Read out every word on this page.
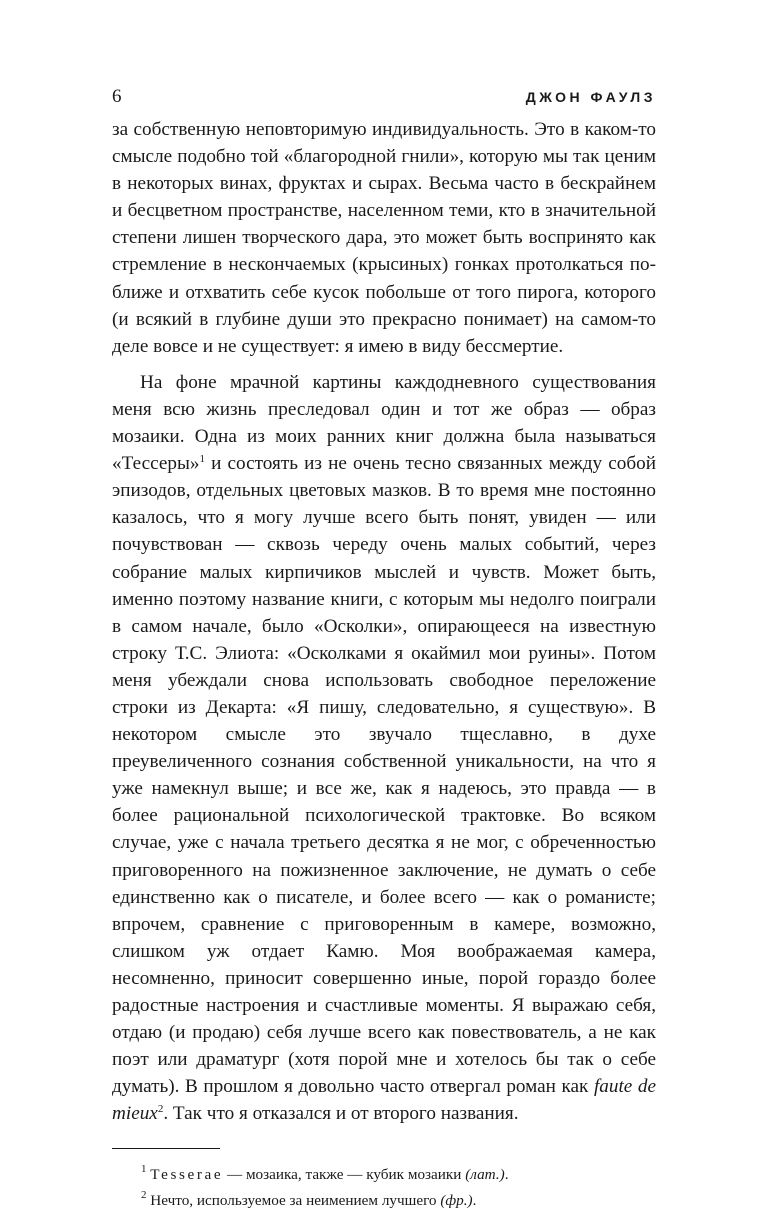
6	ДЖОН ФАУЛЗ

за собственную неповторимую индивидуальность. Это в каком-то смысле подобно той «благородной гнили», которую мы так ценим в некоторых винах, фруктах и сырах. Весьма часто в бескрайнем и бесцветном пространстве, населенном теми, кто в значительной степени лишен творческого дара, это может быть воспринято как стремление в нескончаемых (крысиных) гонках протолкаться поближе и отхватить себе кусок побольше от того пирога, которого (и всякий в глубине души это прекрасно понимает) на самом-то деле вовсе и не существует: я имею в виду бессмертие.

На фоне мрачной картины каждодневного существования меня всю жизнь преследовал один и тот же образ — образ мозаики. Одна из моих ранних книг должна была называться «Тессеры»$^1$ и состоять из не очень тесно связанных между собой эпизодов, отдельных цветовых мазков. В то время мне постоянно казалось, что я могу лучше всего быть понят, увиден — или почувствован — сквозь череду очень малых событий, через собрание малых кирпичиков мыслей и чувств. Может быть, именно поэтому название книги, с которым мы недолго поиграли в самом начале, было «Осколки», опирающееся на известную строку Т.С. Элиота: «Осколками я окаймил мои руины». Потом меня убеждали снова использовать свободное переложение строки из Декарта: «Я пишу, следовательно, я существую». В некотором смысле это звучало тщеславно, в духе преувеличенного сознания собственной уникальности, на что я уже намекнул выше; и все же, как я надеюсь, это правда — в более рациональной психологической трактовке. Во всяком случае, уже с начала третьего десятка я не мог, с обреченностью приговоренного на пожизненное заключение, не думать о себе единственно как о писателе, и более всего — как о романисте; впрочем, сравнение с приговоренным в камере, возможно, слишком уж отдает Камю. Моя воображаемая камера, несомненно, приносит совершенно иные, порой гораздо более радостные настроения и счастливые моменты. Я выражаю себя, отдаю (и продаю) себя лучше всего как повествователь, а не как поэт или драматург (хотя порой мне и хотелось бы так о себе думать). В прошлом я довольно часто отвергал роман как faute de mieux$^2$. Так что я отказался и от второго названия.

$^1$ Tesserae — мозаика, также — кубик мозаики (лат.).

$^2$ Нечто, используемое за неимением лучшего (фр.).
